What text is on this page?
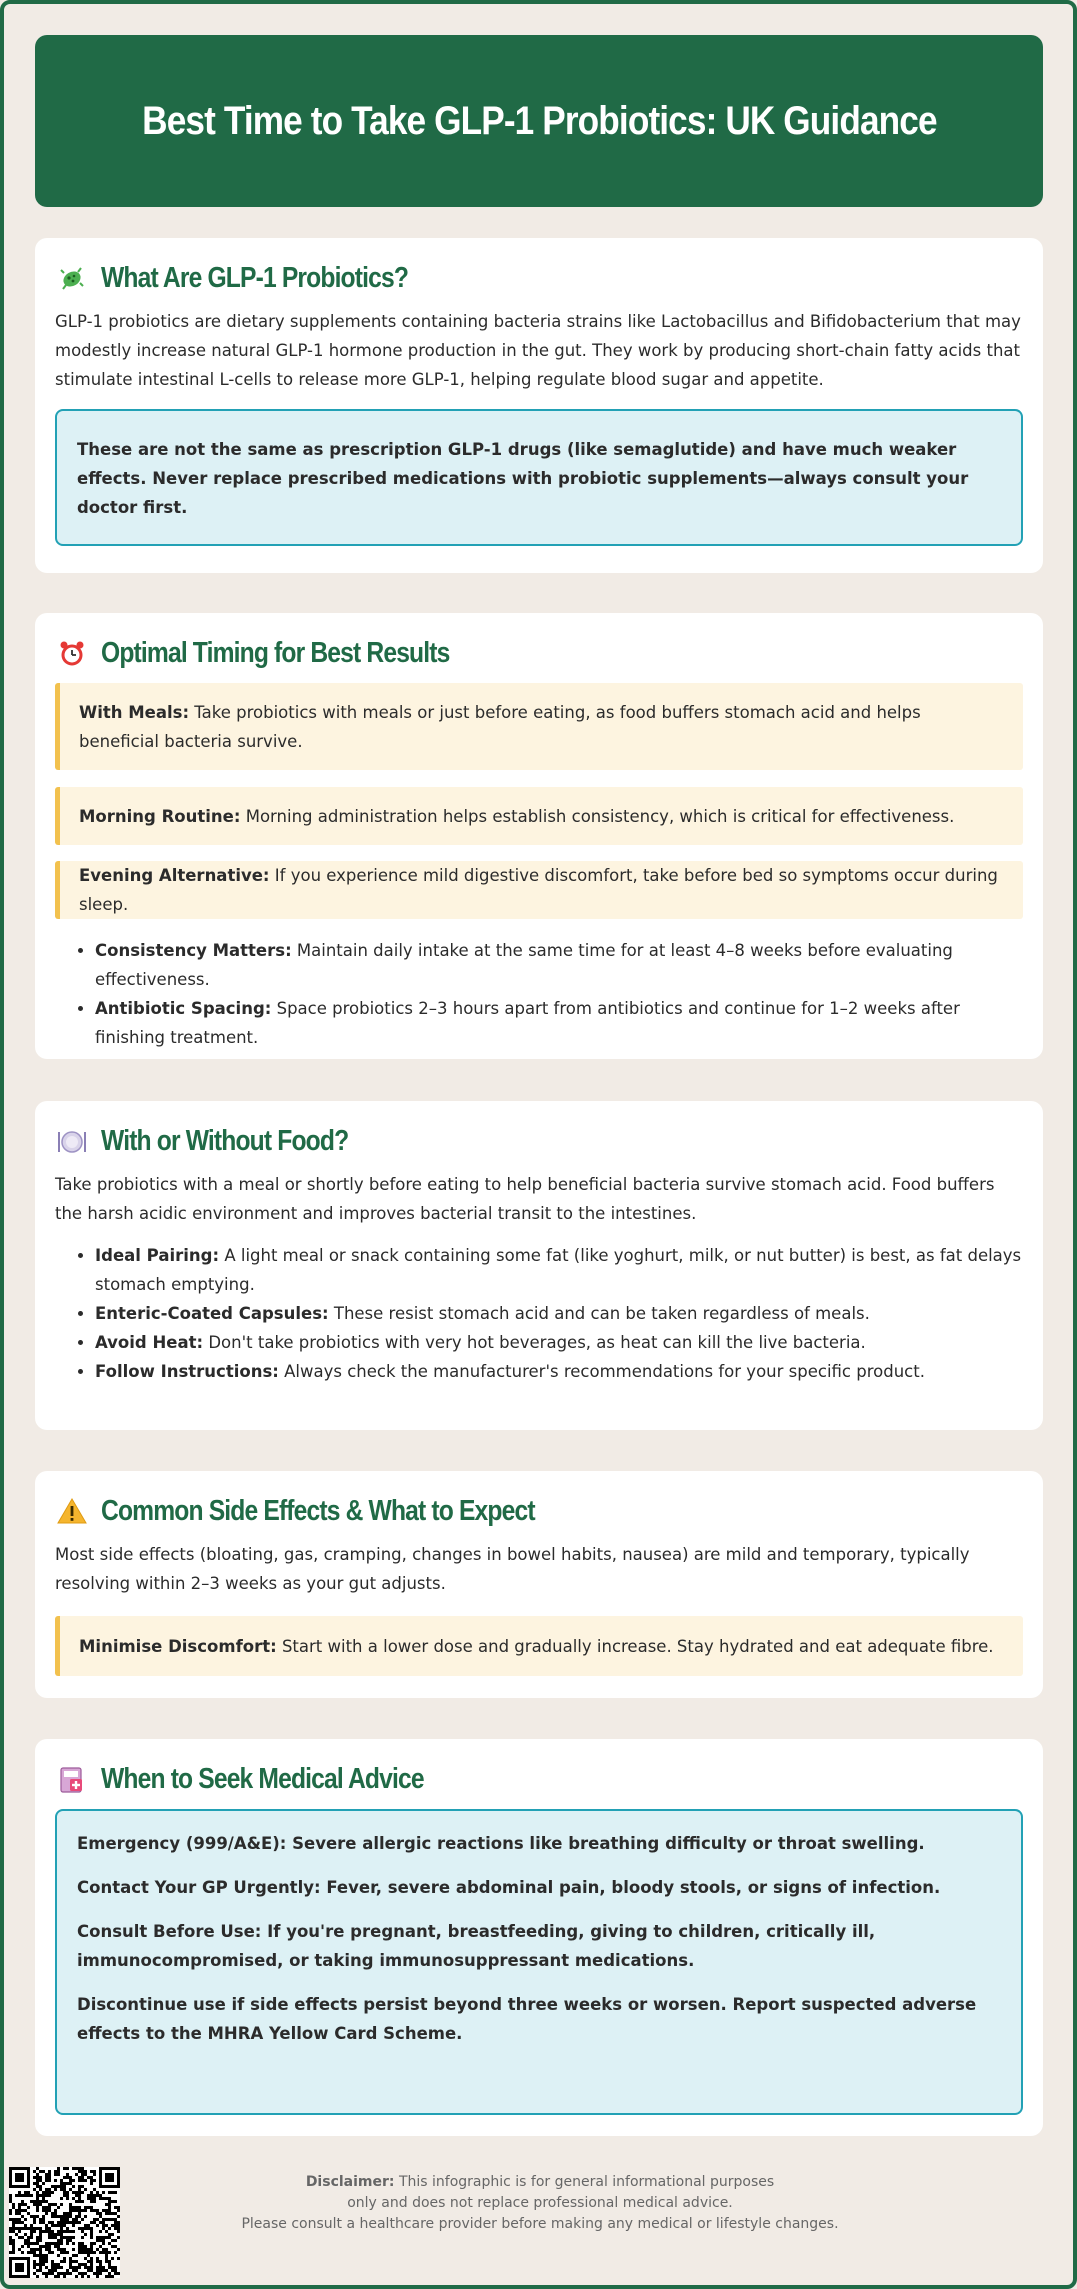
Best Time to Take GLP-1 Probiotics: UK Guidance
What Are GLP-1 Probiotics?

GLP-1 probiotics are dietary supplements containing bacteria strains like Lactobacillus and Bifidobacterium that may modestly increase natural GLP-1 hormone production in the gut. They work by producing short-chain fatty acids that stimulate intestinal L-cells to release more GLP-1, helping regulate blood sugar and appetite.

These are not the same as prescription GLP-1 drugs (like semaglutide) and have much weaker effects. Never replace prescribed medications with probiotic supplements—always consult your doctor first.

Optimal Timing for Best Results
With Meals: Take probiotics with meals or just before eating, as food buffers stomach acid and helps beneficial bacteria survive.
Morning Routine: Morning administration helps establish consistency, which is critical for effectiveness.
Evening Alternative: If you experience mild digestive discomfort, take before bed so symptoms occur during sleep.
• Consistency Matters: Maintain daily intake at the same time for at least 4–8 weeks before evaluating effectiveness.
• Antibiotic Spacing: Space probiotics 2–3 hours apart from antibiotics and continue for 1–2 weeks after finishing treatment.
With or Without Food?

Take probiotics with a meal or shortly before eating to help beneficial bacteria survive stomach acid. Food buffers the harsh acidic environment and improves bacterial transit to the intestines.

• Ideal Pairing: A light meal or snack containing some fat (like yoghurt, milk, or nut butter) is best, as fat delays stomach emptying.
• Enteric-Coated Capsules: These resist stomach acid and can be taken regardless of meals.
• Avoid Heat: Don't take probiotics with very hot beverages, as heat can kill the live bacteria.
• Follow Instructions: Always check the manufacturer's recommendations for your specific product.
Common Side Effects & What to Expect

Most side effects (bloating, gas, cramping, changes in bowel habits, nausea) are mild and temporary, typically resolving within 2–3 weeks as your gut adjusts.

Minimise Discomfort: Start with a lower dose and gradually increase. Stay hydrated and eat adequate fibre.
When to Seek Medical Advice

Emergency (999/A&E): Severe allergic reactions like breathing difficulty or throat swelling.

Contact Your GP Urgently: Fever, severe abdominal pain, bloody stools, or signs of infection.

Consult Before Use: If you're pregnant, breastfeeding, giving to children, critically ill, immunocompromised, or taking immunosuppressant medications.

Discontinue use if side effects persist beyond three weeks or worsen. Report suspected adverse effects to the MHRA Yellow Card Scheme.

Disclaimer: This infographic is for general informational purposes
only and does not replace professional medical advice.
Please consult a healthcare provider before making any medical or lifestyle changes.
